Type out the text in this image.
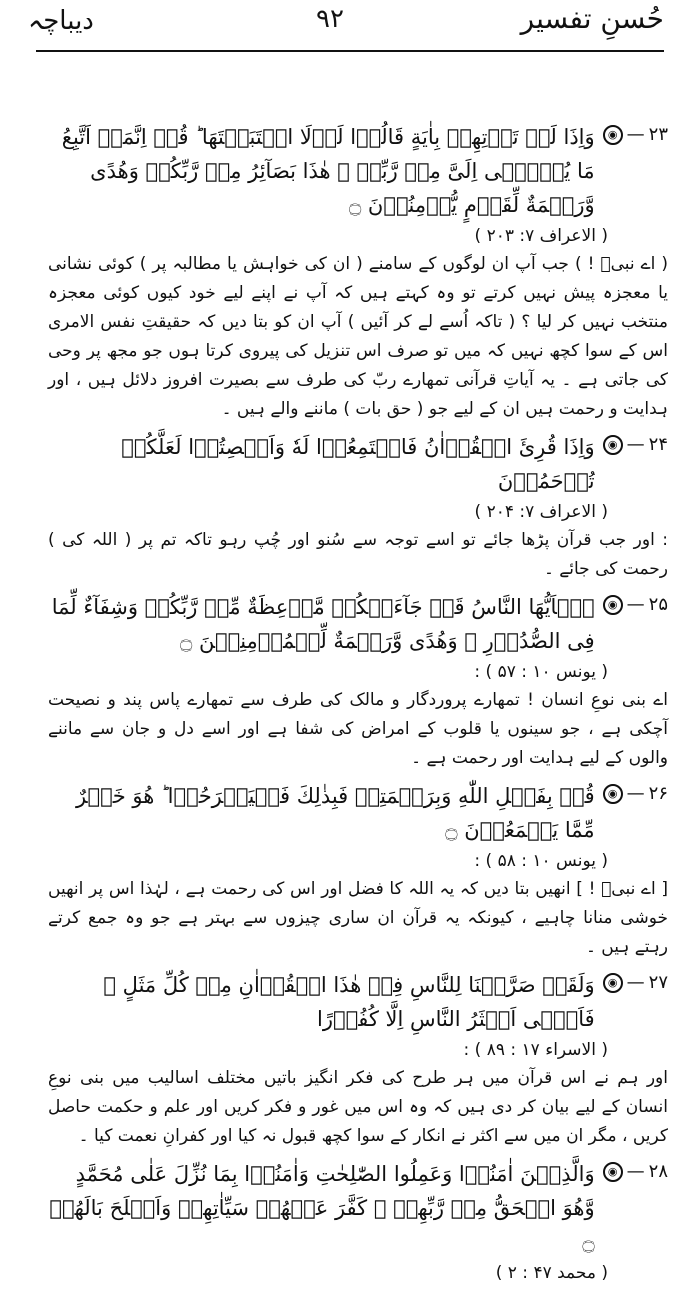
دیباچہ	۹۲	حُسنِ تفسیر
۲۳
—
◉
وَاِذَا لَمۡ تَاۡتِهِمۡ بِاٰيَةٍ قَالُوۡا لَوۡلَا اجۡتَبَيۡتَهَا ؕ قُلۡ اِنَّمَاۤ اَتَّبِعُ مَا يُوۡحٰۤى اِلَىَّ مِنۡ رَّبِّىۡ ۚ هٰذَا بَصَآئِرُ مِنۡ رَّبِّكُمۡ وَهُدًى وَّرَحۡمَةٌ لِّقَوۡمٍ يُّؤۡمِنُوۡنَ ۝
( الاعراف ۷: ۲۰۳ )
( اے نبیؐ ! ) جب آپ ان لوگوں کے سامنے ( ان کی خواہش یا مطالبہ پر ) کوئی نشانی یا معجزہ پیش نہیں کرتے تو وہ کہتے ہیں کہ آپ نے اپنے لیے خود کیوں کوئی معجزہ منتخب نہیں کر لیا ؟ ( تاکہ اُسے لے کر آئیں ) آپ ان کو بتا دیں کہ حقیقتِ نفس الامری اس کے سوا کچھ نہیں کہ میں تو صرف اس تنزیل کی پیروی کرتا ہوں جو مجھ پر وحی کی جاتی ہے ۔ یہ آیاتِ قرآنی تمھارے ربّ کی طرف سے بصیرت افروز دلائل ہیں ، اور ہدایت و رحمت ہیں ان کے لیے جو ( حق بات ) ماننے والے ہیں ۔
۲۴
—
◉
وَاِذَا قُرِئَ الۡقُرۡاٰنُ فَاسۡتَمِعُوۡا لَهٗ وَاَنۡصِتُوۡا لَعَلَّكُمۡ تُرۡحَمُوۡنَ
( الاعراف ۷: ۲۰۴ )
: اور جب قرآن پڑھا جائے تو اسے توجہ سے سُنو اور چُپ رہو تاکہ تم پر ( اللہ کی ) رحمت کی جائے ۔
۲۵
—
◉
يٰۤاَيُّهَا النَّاسُ قَدۡ جَآءَتۡكُمۡ مَّوۡعِظَةٌ مِّنۡ رَّبِّكُمۡ وَشِفَآءٌ لِّمَا فِى الصُّدُوۡرِ ۙ وَهُدًى وَّرَحۡمَةٌ لِّلۡمُؤۡمِنِيۡنَ ۝
( یونس ۱۰ : ۵۷ ) :
اے بنی نوعِ انسان ! تمھارے پروردگار و مالک کی طرف سے تمھارے پاس پند و نصیحت آچکی ہے ، جو سینوں یا قلوب کے امراض کی شفا ہے اور اسے دل و جان سے ماننے والوں کے لیے ہدایت اور رحمت ہے ۔
۲۶
—
◉
قُلۡ بِفَضۡلِ اللّٰهِ وَبِرَحۡمَتِهٖ فَبِذٰلِكَ فَلۡيَفۡرَحُوۡا ؕ هُوَ خَيۡرٌ مِّمَّا يَجۡمَعُوۡنَ ۝
( یونس ۱۰ : ۵۸ ) :
[ اے نبیؐ ! ] انھیں بتا دیں کہ یہ اللہ کا فضل اور اس کی رحمت ہے ، لہٰذا اس پر انھیں خوشی منانا چاہیے ، کیونکہ یہ قرآن ان ساری چیزوں سے بہتر ہے جو وہ جمع کرتے رہتے ہیں ۔
۲۷
—
◉
وَلَقَدۡ صَرَّفۡنَا لِلنَّاسِ فِىۡ هٰذَا الۡقُرۡاٰنِ مِنۡ كُلِّ مَثَلٍ ۫ فَاَبٰۤى اَكۡثَرُ النَّاسِ اِلَّا كُفُوۡرًا
( الاسراء ۱۷ : ۸۹ ) :
اور ہم نے اس قرآن میں ہر طرح کی فکر انگیز باتیں مختلف اسالیب میں بنی نوعِ انسان کے لیے بیان کر دی ہیں کہ وہ اس میں غور و فکر کریں اور علم و حکمت حاصل کریں ، مگر ان میں سے اکثر نے انکار کے سوا کچھ قبول نہ کیا اور کفرانِ نعمت کیا ۔
۲۸
—
◉
وَالَّذِيۡنَ اٰمَنُوۡا وَعَمِلُوا الصّٰلِحٰتِ وَاٰمَنُوۡا بِمَا نُزِّلَ عَلٰى مُحَمَّدٍ وَّهُوَ الۡحَقُّ مِنۡ رَّبِّهِمۡ ۙ كَفَّرَ عَنۡهُمۡ سَيِّاٰتِهِمۡ وَاَصۡلَحَ بَالَهُمۡ ۝
( محمد ۴۷ : ۲ )
